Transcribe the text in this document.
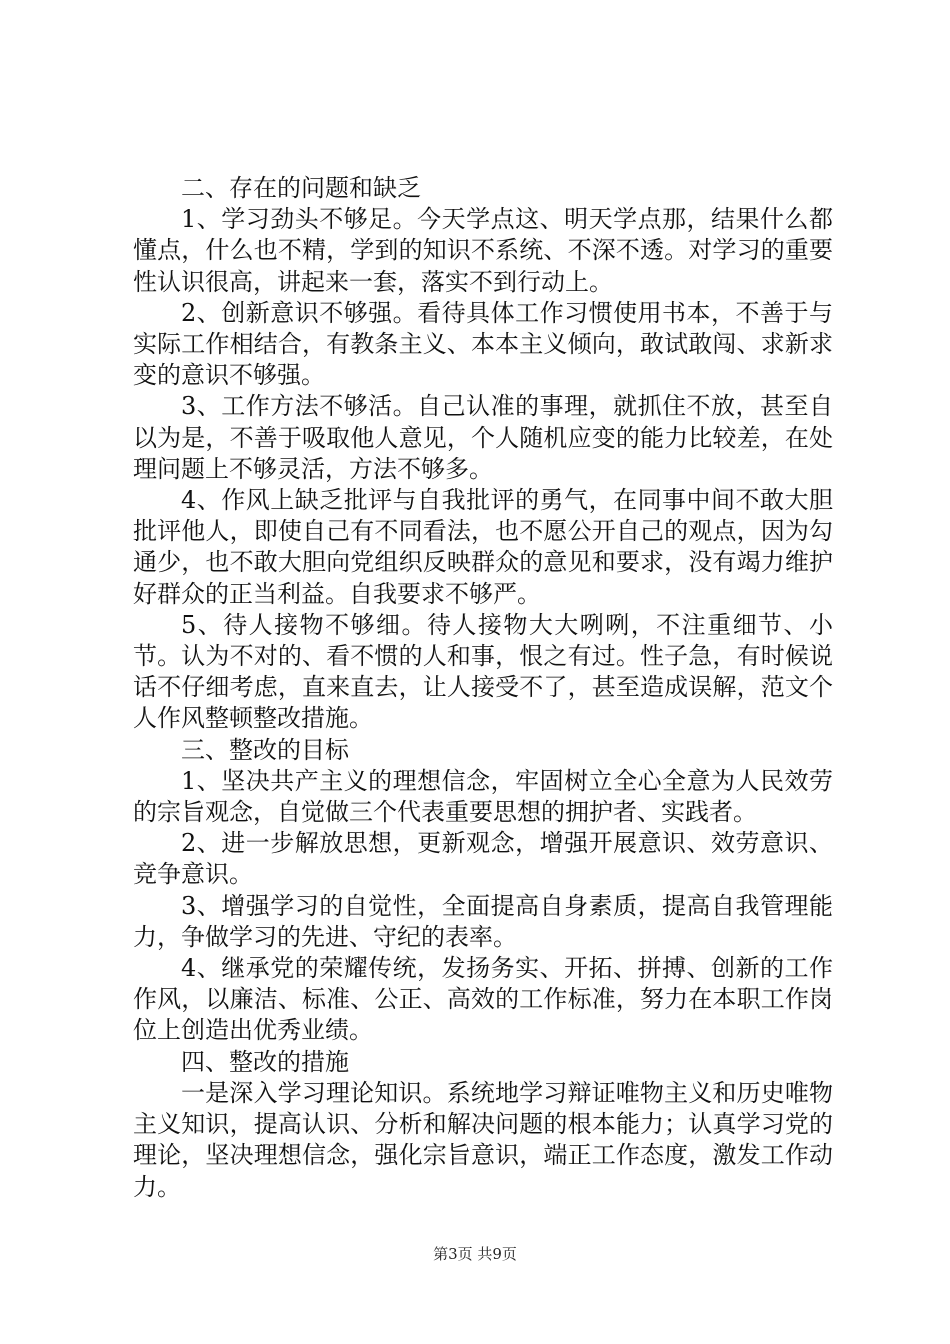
二、存在的问题和缺乏

1、学习劲头不够足。今天学点这、明天学点那，结果什么都懂点，什么也不精，学到的知识不系统、不深不透。对学习的重要性认识很高，讲起来一套，落实不到行动上。

2、创新意识不够强。看待具体工作习惯使用书本，不善于与实际工作相结合，有教条主义、本本主义倾向，敢试敢闯、求新求变的意识不够强。

3、工作方法不够活。自己认准的事理，就抓住不放，甚至自以为是，不善于吸取他人意见，个人随机应变的能力比较差，在处理问题上不够灵活，方法不够多。

4、作风上缺乏批评与自我批评的勇气，在同事中间不敢大胆批评他人，即使自己有不同看法，也不愿公开自己的观点，因为勾通少，也不敢大胆向党组织反映群众的意见和要求，没有竭力维护好群众的正当利益。自我要求不够严。

5、待人接物不够细。待人接物大大咧咧，不注重细节、小节。认为不对的、看不惯的人和事，恨之有过。性子急，有时候说话不仔细考虑，直来直去，让人接受不了，甚至造成误解，范文个人作风整顿整改措施。

三、整改的目标

1、坚决共产主义的理想信念，牢固树立全心全意为人民效劳的宗旨观念，自觉做三个代表重要思想的拥护者、实践者。

2、进一步解放思想，更新观念，增强开展意识、效劳意识、竞争意识。

3、增强学习的自觉性，全面提高自身素质，提高自我管理能力，争做学习的先进、守纪的表率。

4、继承党的荣耀传统，发扬务实、开拓、拼搏、创新的工作作风，以廉洁、标准、公正、高效的工作标准，努力在本职工作岗位上创造出优秀业绩。

四、整改的措施

一是深入学习理论知识。系统地学习辩证唯物主义和历史唯物主义知识，提高认识、分析和解决问题的根本能力；认真学习党的理论，坚决理想信念，强化宗旨意识，端正工作态度，激发工作动力。

第3页 共9页
